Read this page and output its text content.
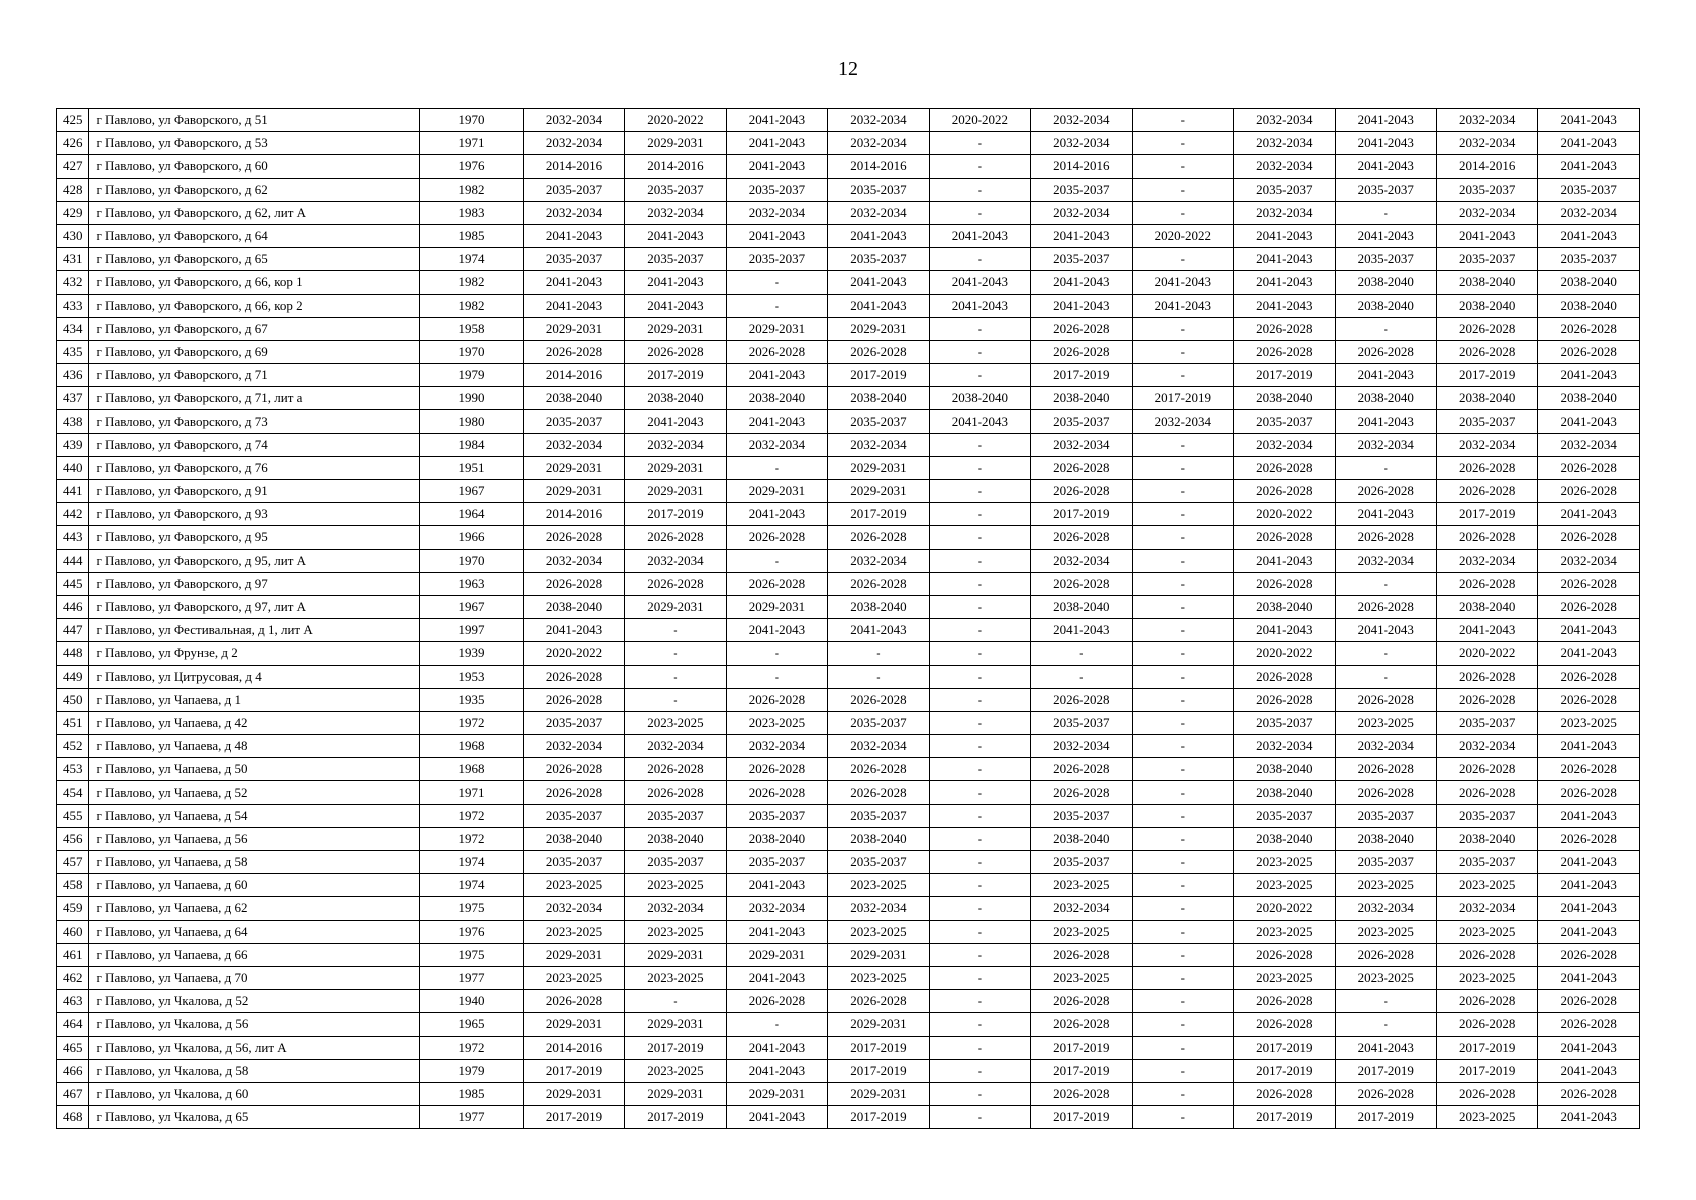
12
425	г Павлово, ул Фаворского, д 51	1970	2032-2034	2020-2022	2041-2043	2032-2034	2020-2022	2032-2034	-	2032-2034	2041-2043	2032-2034	2041-2043
426	г Павлово, ул Фаворского, д 53	1971	2032-2034	2029-2031	2041-2043	2032-2034	-	2032-2034	-	2032-2034	2041-2043	2032-2034	2041-2043
427	г Павлово, ул Фаворского, д 60	1976	2014-2016	2014-2016	2041-2043	2014-2016	-	2014-2016	-	2032-2034	2041-2043	2014-2016	2041-2043
428	г Павлово, ул Фаворского, д 62	1982	2035-2037	2035-2037	2035-2037	2035-2037	-	2035-2037	-	2035-2037	2035-2037	2035-2037	2035-2037
429	г Павлово, ул Фаворского, д 62, лит А	1983	2032-2034	2032-2034	2032-2034	2032-2034	-	2032-2034	-	2032-2034	-	2032-2034	2032-2034
430	г Павлово, ул Фаворского, д 64	1985	2041-2043	2041-2043	2041-2043	2041-2043	2041-2043	2041-2043	2020-2022	2041-2043	2041-2043	2041-2043	2041-2043
431	г Павлово, ул Фаворского, д 65	1974	2035-2037	2035-2037	2035-2037	2035-2037	-	2035-2037	-	2041-2043	2035-2037	2035-2037	2035-2037
432	г Павлово, ул Фаворского, д 66, кор 1	1982	2041-2043	2041-2043	-	2041-2043	2041-2043	2041-2043	2041-2043	2041-2043	2038-2040	2038-2040	2038-2040
433	г Павлово, ул Фаворского, д 66, кор 2	1982	2041-2043	2041-2043	-	2041-2043	2041-2043	2041-2043	2041-2043	2041-2043	2038-2040	2038-2040	2038-2040
434	г Павлово, ул Фаворского, д 67	1958	2029-2031	2029-2031	2029-2031	2029-2031	-	2026-2028	-	2026-2028	-	2026-2028	2026-2028
435	г Павлово, ул Фаворского, д 69	1970	2026-2028	2026-2028	2026-2028	2026-2028	-	2026-2028	-	2026-2028	2026-2028	2026-2028	2026-2028
436	г Павлово, ул Фаворского, д 71	1979	2014-2016	2017-2019	2041-2043	2017-2019	-	2017-2019	-	2017-2019	2041-2043	2017-2019	2041-2043
437	г Павлово, ул Фаворского, д 71, лит а	1990	2038-2040	2038-2040	2038-2040	2038-2040	2038-2040	2038-2040	2017-2019	2038-2040	2038-2040	2038-2040	2038-2040
438	г Павлово, ул Фаворского, д 73	1980	2035-2037	2041-2043	2041-2043	2035-2037	2041-2043	2035-2037	2032-2034	2035-2037	2041-2043	2035-2037	2041-2043
439	г Павлово, ул Фаворского, д 74	1984	2032-2034	2032-2034	2032-2034	2032-2034	-	2032-2034	-	2032-2034	2032-2034	2032-2034	2032-2034
440	г Павлово, ул Фаворского, д 76	1951	2029-2031	2029-2031	-	2029-2031	-	2026-2028	-	2026-2028	-	2026-2028	2026-2028
441	г Павлово, ул Фаворского, д 91	1967	2029-2031	2029-2031	2029-2031	2029-2031	-	2026-2028	-	2026-2028	2026-2028	2026-2028	2026-2028
442	г Павлово, ул Фаворского, д 93	1964	2014-2016	2017-2019	2041-2043	2017-2019	-	2017-2019	-	2020-2022	2041-2043	2017-2019	2041-2043
443	г Павлово, ул Фаворского, д 95	1966	2026-2028	2026-2028	2026-2028	2026-2028	-	2026-2028	-	2026-2028	2026-2028	2026-2028	2026-2028
444	г Павлово, ул Фаворского, д 95, лит А	1970	2032-2034	2032-2034	-	2032-2034	-	2032-2034	-	2041-2043	2032-2034	2032-2034	2032-2034
445	г Павлово, ул Фаворского, д 97	1963	2026-2028	2026-2028	2026-2028	2026-2028	-	2026-2028	-	2026-2028	-	2026-2028	2026-2028
446	г Павлово, ул Фаворского, д 97, лит А	1967	2038-2040	2029-2031	2029-2031	2038-2040	-	2038-2040	-	2038-2040	2026-2028	2038-2040	2026-2028
447	г Павлово, ул Фестивальная, д 1, лит А	1997	2041-2043	-	2041-2043	2041-2043	-	2041-2043	-	2041-2043	2041-2043	2041-2043	2041-2043
448	г Павлово, ул Фрунзе, д 2	1939	2020-2022	-	-	-	-	-	-	2020-2022	-	2020-2022	2041-2043
449	г Павлово, ул Цитрусовая, д 4	1953	2026-2028	-	-	-	-	-	-	2026-2028	-	2026-2028	2026-2028
450	г Павлово, ул Чапаева, д 1	1935	2026-2028	-	2026-2028	2026-2028	-	2026-2028	-	2026-2028	2026-2028	2026-2028	2026-2028
451	г Павлово, ул Чапаева, д 42	1972	2035-2037	2023-2025	2023-2025	2035-2037	-	2035-2037	-	2035-2037	2023-2025	2035-2037	2023-2025
452	г Павлово, ул Чапаева, д 48	1968	2032-2034	2032-2034	2032-2034	2032-2034	-	2032-2034	-	2032-2034	2032-2034	2032-2034	2041-2043
453	г Павлово, ул Чапаева, д 50	1968	2026-2028	2026-2028	2026-2028	2026-2028	-	2026-2028	-	2038-2040	2026-2028	2026-2028	2026-2028
454	г Павлово, ул Чапаева, д 52	1971	2026-2028	2026-2028	2026-2028	2026-2028	-	2026-2028	-	2038-2040	2026-2028	2026-2028	2026-2028
455	г Павлово, ул Чапаева, д 54	1972	2035-2037	2035-2037	2035-2037	2035-2037	-	2035-2037	-	2035-2037	2035-2037	2035-2037	2041-2043
456	г Павлово, ул Чапаева, д 56	1972	2038-2040	2038-2040	2038-2040	2038-2040	-	2038-2040	-	2038-2040	2038-2040	2038-2040	2026-2028
457	г Павлово, ул Чапаева, д 58	1974	2035-2037	2035-2037	2035-2037	2035-2037	-	2035-2037	-	2023-2025	2035-2037	2035-2037	2041-2043
458	г Павлово, ул Чапаева, д 60	1974	2023-2025	2023-2025	2041-2043	2023-2025	-	2023-2025	-	2023-2025	2023-2025	2023-2025	2041-2043
459	г Павлово, ул Чапаева, д 62	1975	2032-2034	2032-2034	2032-2034	2032-2034	-	2032-2034	-	2020-2022	2032-2034	2032-2034	2041-2043
460	г Павлово, ул Чапаева, д 64	1976	2023-2025	2023-2025	2041-2043	2023-2025	-	2023-2025	-	2023-2025	2023-2025	2023-2025	2041-2043
461	г Павлово, ул Чапаева, д 66	1975	2029-2031	2029-2031	2029-2031	2029-2031	-	2026-2028	-	2026-2028	2026-2028	2026-2028	2026-2028
462	г Павлово, ул Чапаева, д 70	1977	2023-2025	2023-2025	2041-2043	2023-2025	-	2023-2025	-	2023-2025	2023-2025	2023-2025	2041-2043
463	г Павлово, ул Чкалова, д 52	1940	2026-2028	-	2026-2028	2026-2028	-	2026-2028	-	2026-2028	-	2026-2028	2026-2028
464	г Павлово, ул Чкалова, д 56	1965	2029-2031	2029-2031	-	2029-2031	-	2026-2028	-	2026-2028	-	2026-2028	2026-2028
465	г Павлово, ул Чкалова, д 56, лит А	1972	2014-2016	2017-2019	2041-2043	2017-2019	-	2017-2019	-	2017-2019	2041-2043	2017-2019	2041-2043
466	г Павлово, ул Чкалова, д 58	1979	2017-2019	2023-2025	2041-2043	2017-2019	-	2017-2019	-	2017-2019	2017-2019	2017-2019	2041-2043
467	г Павлово, ул Чкалова, д 60	1985	2029-2031	2029-2031	2029-2031	2029-2031	-	2026-2028	-	2026-2028	2026-2028	2026-2028	2026-2028
468	г Павлово, ул Чкалова, д 65	1977	2017-2019	2017-2019	2041-2043	2017-2019	-	2017-2019	-	2017-2019	2017-2019	2023-2025	2041-2043
